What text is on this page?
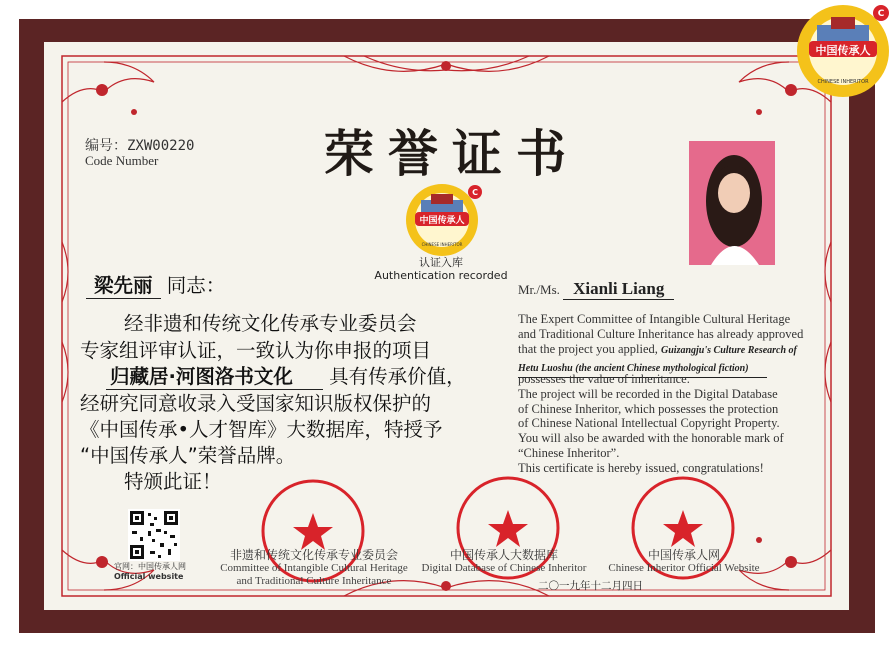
荣誉证书
编号：ZXW00220
Code Number
中国传承人
CHINESE INHERITOR
C
认证入库
Authentication recorded
梁先丽 同志：
经非遗和传统文化传承专业委员会
专家组评审认证，一致认为你申报的项目
归藏居·河图洛书文化 具有传承价值，
经研究同意收录入受国家知识版权保护的
《中国传承•人才智库》大数据库，特授予
“中国传承人”荣誉品牌。
特颁此证！
Mr./Ms. Xianli Liang
The Expert Committee of Intangible Cultural Heritage
and Traditional Culture Inheritance has already approved
that the project you applied, Guizangju's Culture Research of
Hetu Luoshu (the ancient Chinese mythological fiction)
possesses the value of inheritance.
The project will be recorded in the Digital Database
of Chinese Inheritor, which possesses the protection
of Chinese National Intellectual Copyright Property.
You will also be awarded with the honorable mark of
“Chinese Inheritor”.
This certificate is hereby issued, congratulations!
非遗和传统文化传承专业委员会
Committee of Intangible Cultural Heritage
and Traditional Culture Inheritance
中国传承人大数据库
Digital Database of Chinese Inheritor
中国传承人网
Chinese Inheritor Official Website
二〇一九年十二月四日
官网：中国传承人网
Official website
中国传承人
CHINESE INHERITOR
C
